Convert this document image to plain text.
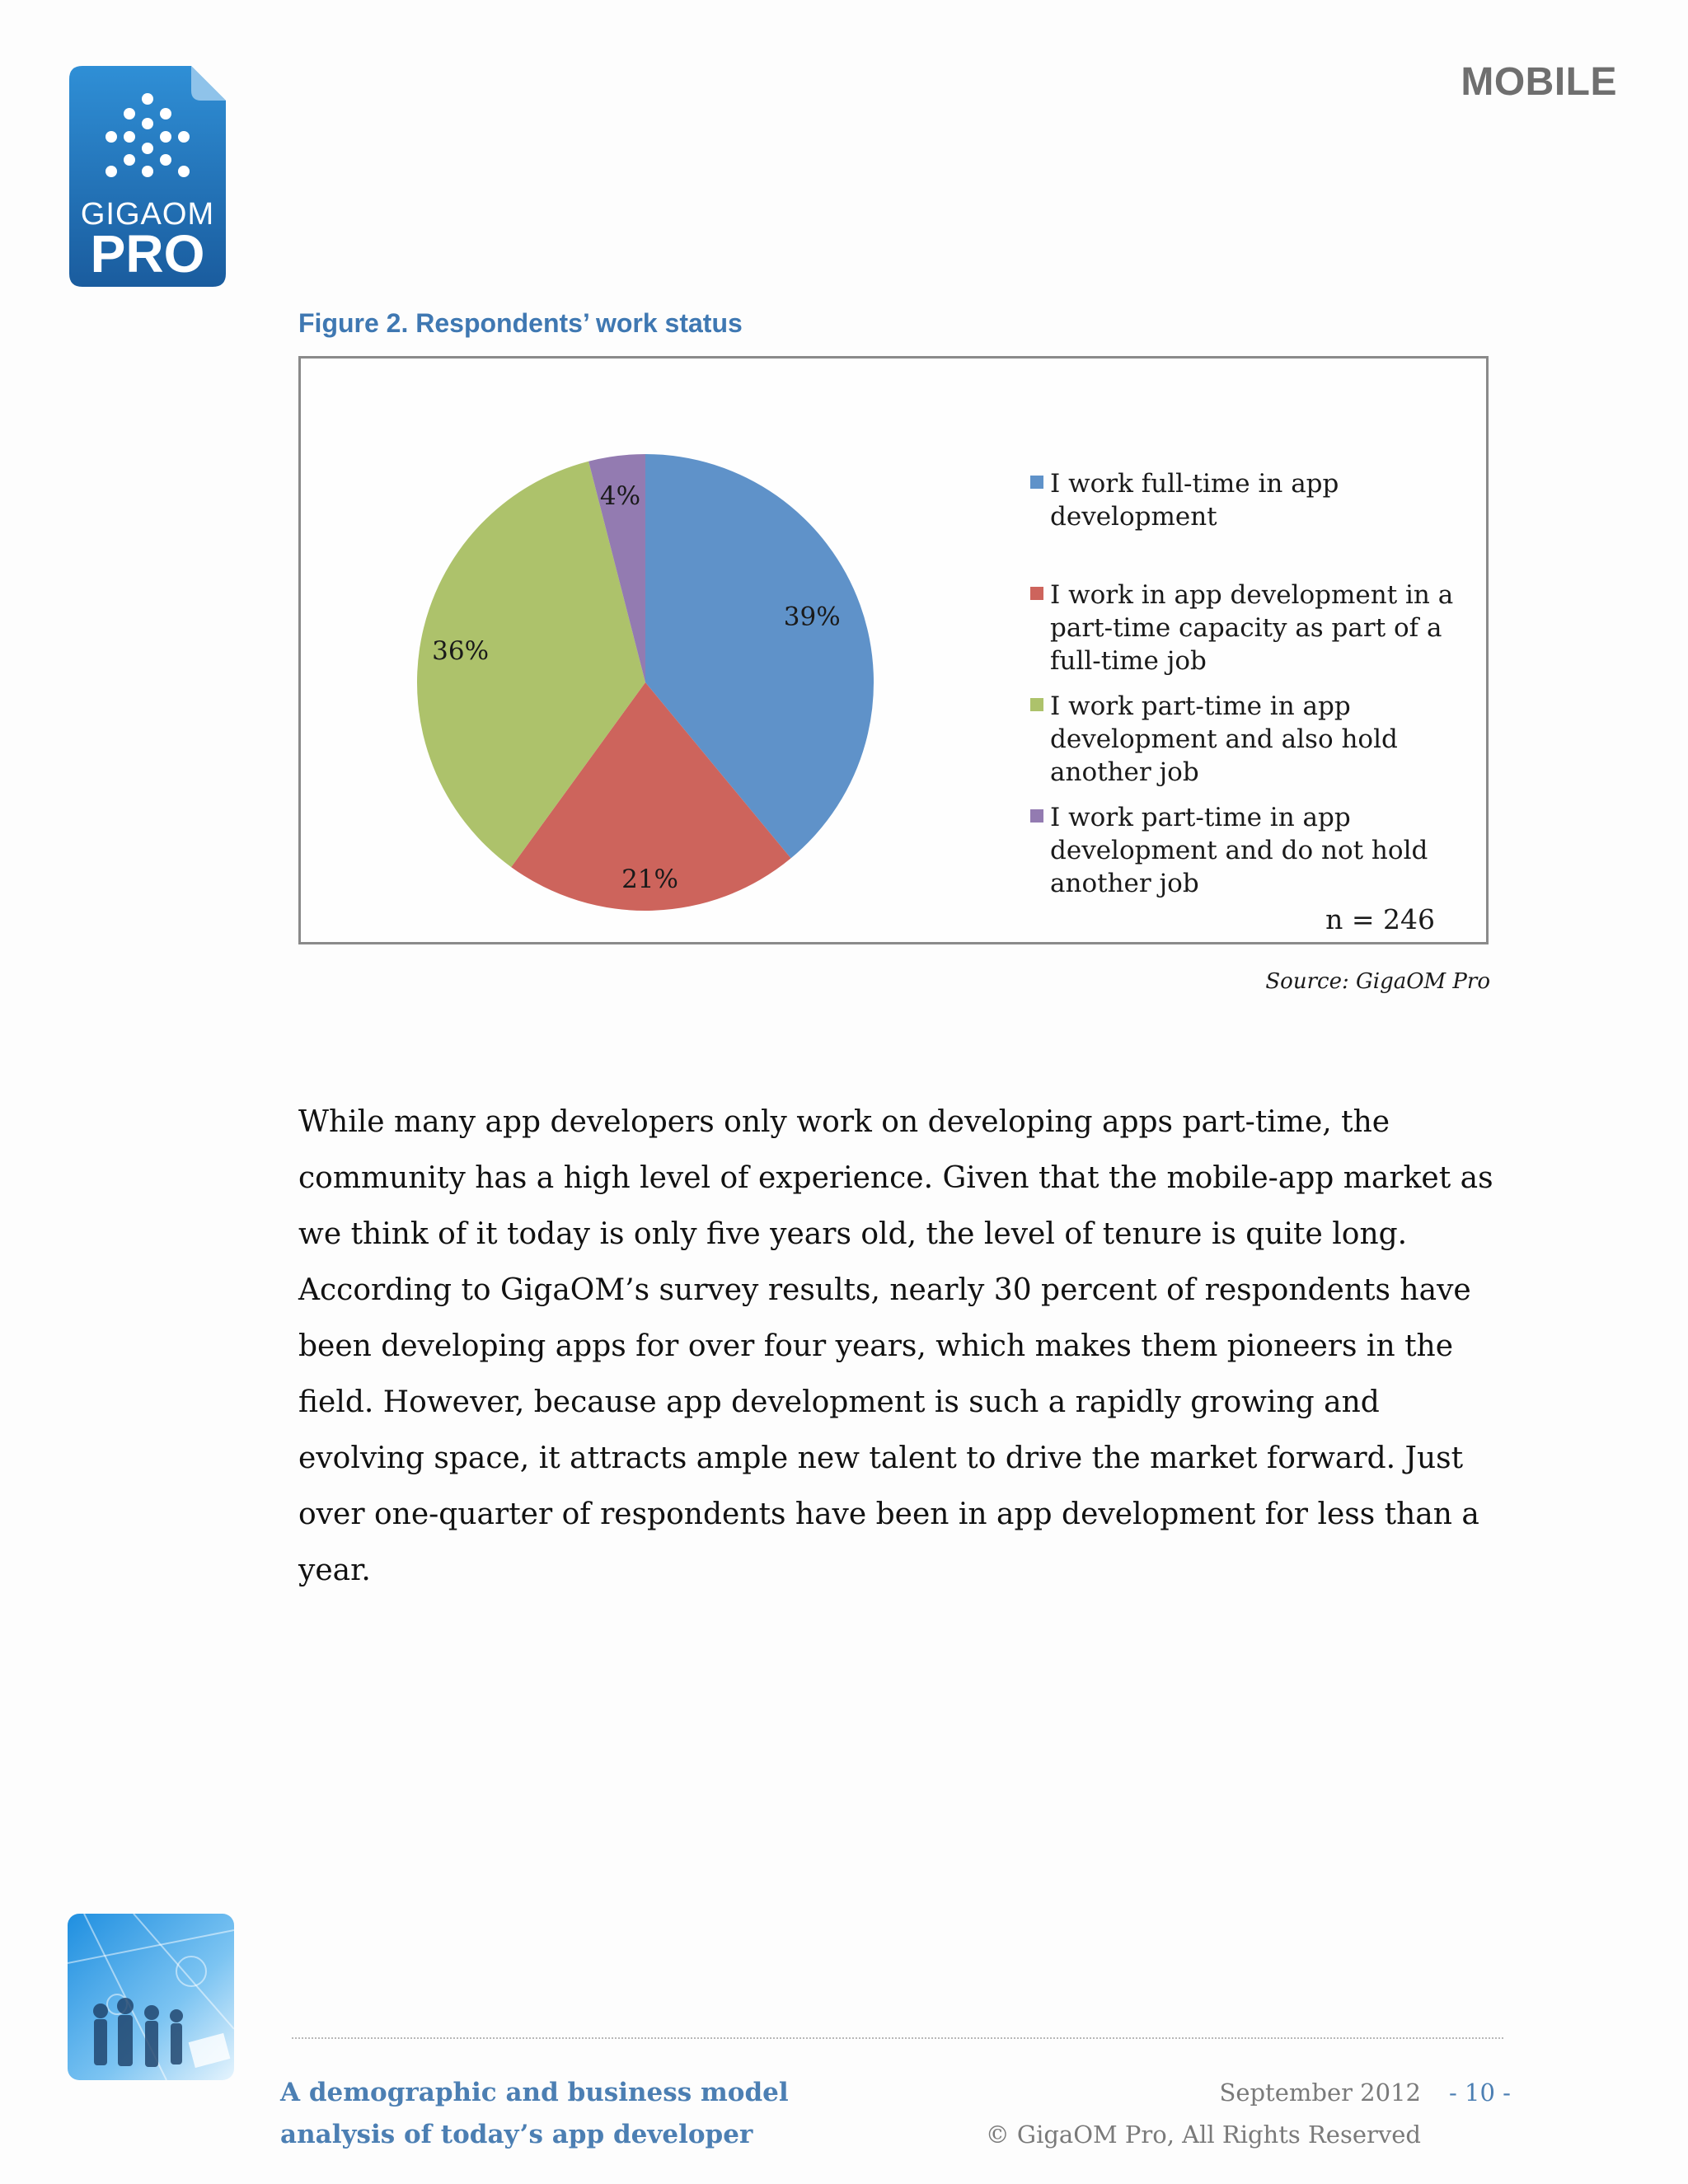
GIGAOM
PRO
MOBILE
Figure 2. Respondents’ work status
39%
21%
36%
4%	I work full-time in app development
I work in app development in a part-time capacity as part of a full-time job
I work part-time in app development and also hold another job
I work part-time in app development and do not hold another job
n = 246
Source: GigaOM Pro

While many app developers only work on developing apps part-time, the community has a high level of experience. Given that the mobile-app market as we think of it today is only five years old, the level of tenure is quite long. According to GigaOM’s survey results, nearly 30 percent of respondents have been developing apps for over four years, which makes them pioneers in the field. However, because app development is such a rapidly growing and evolving space, it attracts ample new talent to drive the market forward. Just over one-quarter of respondents have been in app development for less than a year.

A demographic and business model
analysis of today’s app developer
September 2012
© GigaOM Pro, All Rights Reserved
- 10 -
